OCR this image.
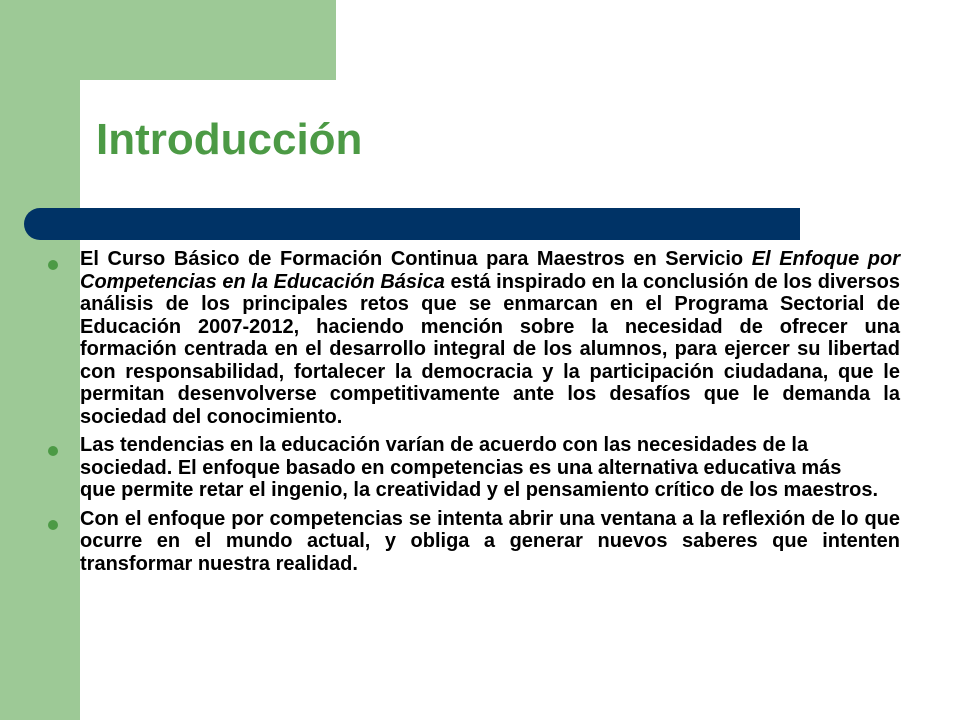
Introducción
El Curso Básico de Formación Continua para Maestros en Servicio El Enfoque por Competencias en la Educación Básica está inspirado en la conclusión de los diversos análisis de los principales retos que se enmarcan en el Programa Sectorial de Educación 2007-2012, haciendo mención sobre la necesidad de ofrecer una formación centrada en el desarrollo integral de los alumnos, para ejercer su libertad con responsabilidad, fortalecer la democracia y la participación ciudadana, que le permitan desenvolverse competitivamente ante los desafíos que le demanda la sociedad del conocimiento.
Las tendencias en la educación varían de acuerdo con las necesidades de la sociedad. El enfoque basado en competencias es una alternativa educativa más que permite retar el ingenio, la creatividad y el pensamiento crítico de los maestros.
Con el enfoque por competencias se intenta abrir una ventana a la reflexión de lo que ocurre en el mundo actual, y obliga a generar nuevos saberes que intenten transformar nuestra realidad.
